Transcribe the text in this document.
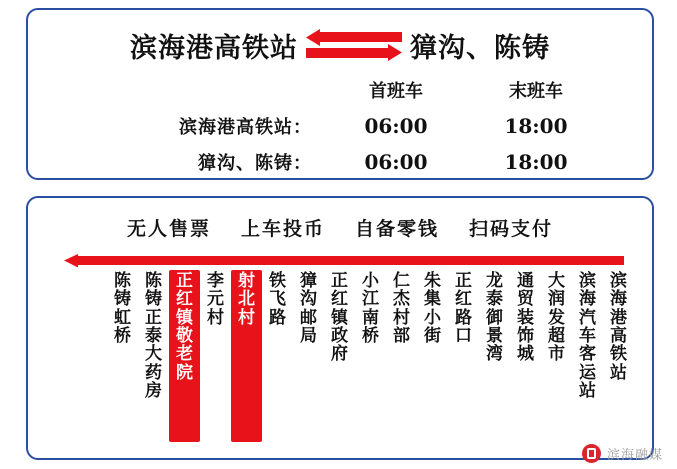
滨海港高铁站	獐沟、陈铸
首班车	末班车
滨海港高铁站：	06:00	18:00
獐沟、陈铸：	06:00	18:00
无人售票 上车投币 自备零钱 扫码支付
滨
海
港
高
铁
站
滨
海
汽
车
客
运
站
大
润
发
超
市
通
贸
装
饰
城
龙
泰
御
景
湾
正
红
路
口
朱
集
小
街
仁
杰
村
部
小
江
南
桥
正
红
镇
政
府
獐
沟
邮
局
铁
飞
路
射
北
村
李
元
村
正
红
镇
敬
老
院
陈
铸
正
泰
大
药
房
陈
铸
虹
桥
滨海融媒
